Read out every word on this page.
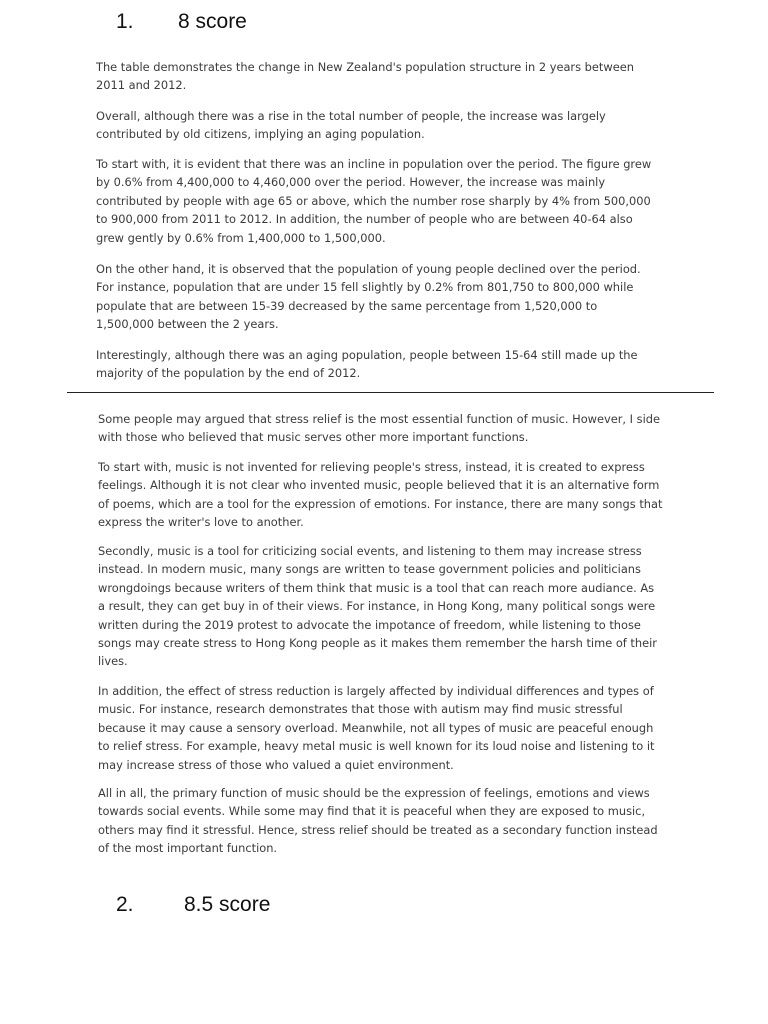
1. 8 score

The table demonstrates the change in New Zealand's population structure in 2 years between
2011 and 2012.

Overall, although there was a rise in the total number of people, the increase was largely
contributed by old citizens, implying an aging population.

To start with, it is evident that there was an incline in population over the period. The figure grew
by 0.6% from 4,400,000 to 4,460,000 over the period. However, the increase was mainly
contributed by people with age 65 or above, which the number rose sharply by 4% from 500,000
to 900,000 from 2011 to 2012. In addition, the number of people who are between 40-64 also
grew gently by 0.6% from 1,400,000 to 1,500,000.

On the other hand, it is observed that the population of young people declined over the period.
For instance, population that are under 15 fell slightly by 0.2% from 801,750 to 800,000 while
populate that are between 15-39 decreased by the same percentage from 1,520,000 to
1,500,000 between the 2 years.

Interestingly, although there was an aging population, people between 15-64 still made up the
majority of the population by the end of 2012.

Some people may argued that stress relief is the most essential function of music. However, I side
with those who believed that music serves other more important functions.

To start with, music is not invented for relieving people's stress, instead, it is created to express
feelings. Although it is not clear who invented music, people believed that it is an alternative form
of poems, which are a tool for the expression of emotions. For instance, there are many songs that
express the writer's love to another.

Secondly, music is a tool for criticizing social events, and listening to them may increase stress
instead. In modern music, many songs are written to tease government policies and politicians
wrongdoings because writers of them think that music is a tool that can reach more audiance. As
a result, they can get buy in of their views. For instance, in Hong Kong, many political songs were
written during the 2019 protest to advocate the impotance of freedom, while listening to those
songs may create stress to Hong Kong people as it makes them remember the harsh time of their
lives.

In addition, the effect of stress reduction is largely affected by individual differences and types of
music. For instance, research demonstrates that those with autism may find music stressful
because it may cause a sensory overload. Meanwhile, not all types of music are peaceful enough
to relief stress. For example, heavy metal music is well known for its loud noise and listening to it
may increase stress of those who valued a quiet environment.

All in all, the primary function of music should be the expression of feelings, emotions and views
towards social events. While some may find that it is peaceful when they are exposed to music,
others may find it stressful. Hence, stress relief should be treated as a secondary function instead
of the most important function.

2. 8.5 score
